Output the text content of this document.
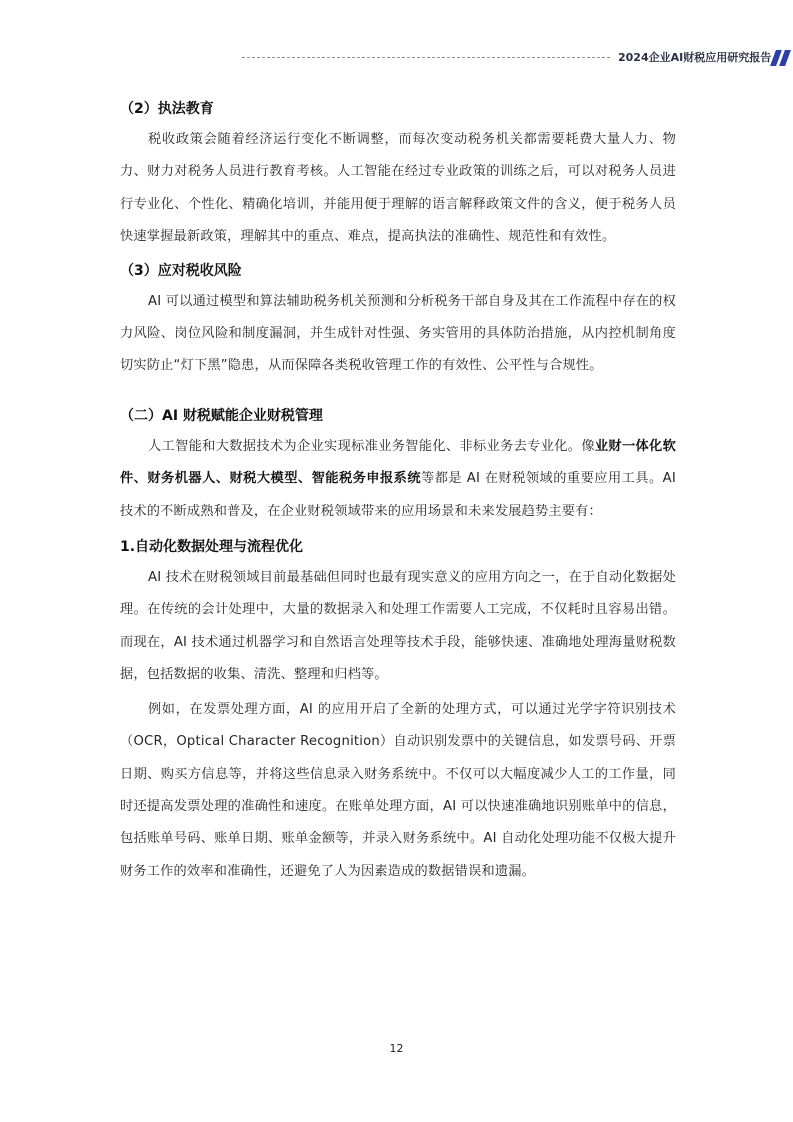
2024企业AI财税应用研究报告

（2）执法教育

税收政策会随着经济运行变化不断调整，而每次变动税务机关都需要耗费大量人力、物力、财力对税务人员进行教育考核。人工智能在经过专业政策的训练之后，可以对税务人员进行专业化、个性化、精确化培训，并能用便于理解的语言解释政策文件的含义，便于税务人员快速掌握最新政策，理解其中的重点、难点，提高执法的准确性、规范性和有效性。

（3）应对税收风险

AI 可以通过模型和算法辅助税务机关预测和分析税务干部自身及其在工作流程中存在的权力风险、岗位风险和制度漏洞，并生成针对性强、务实管用的具体防治措施，从内控机制角度切实防止“灯下黑”隐患，从而保障各类税收管理工作的有效性、公平性与合规性。

（二）AI 财税赋能企业财税管理

人工智能和大数据技术为企业实现标准业务智能化、非标业务去专业化。像业财一体化软件、财务机器人、财税大模型、智能税务申报系统等都是 AI 在财税领域的重要应用工具。AI 技术的不断成熟和普及，在企业财税领域带来的应用场景和未来发展趋势主要有：

1.自动化数据处理与流程优化

AI 技术在财税领域目前最基础但同时也最有现实意义的应用方向之一，在于自动化数据处理。在传统的会计处理中，大量的数据录入和处理工作需要人工完成，不仅耗时且容易出错。而现在，AI 技术通过机器学习和自然语言处理等技术手段，能够快速、准确地处理海量财税数据，包括数据的收集、清洗、整理和归档等。

例如，在发票处理方面，AI 的应用开启了全新的处理方式，可以通过光学字符识别技术（OCR，Optical Character Recognition）自动识别发票中的关键信息，如发票号码、开票日期、购买方信息等，并将这些信息录入财务系统中。不仅可以大幅度减少人工的工作量，同时还提高发票处理的准确性和速度。在账单处理方面，AI 可以快速准确地识别账单中的信息，包括账单号码、账单日期、账单金额等，并录入财务系统中。AI 自动化处理功能不仅极大提升财务工作的效率和准确性，还避免了人为因素造成的数据错误和遗漏。

12
